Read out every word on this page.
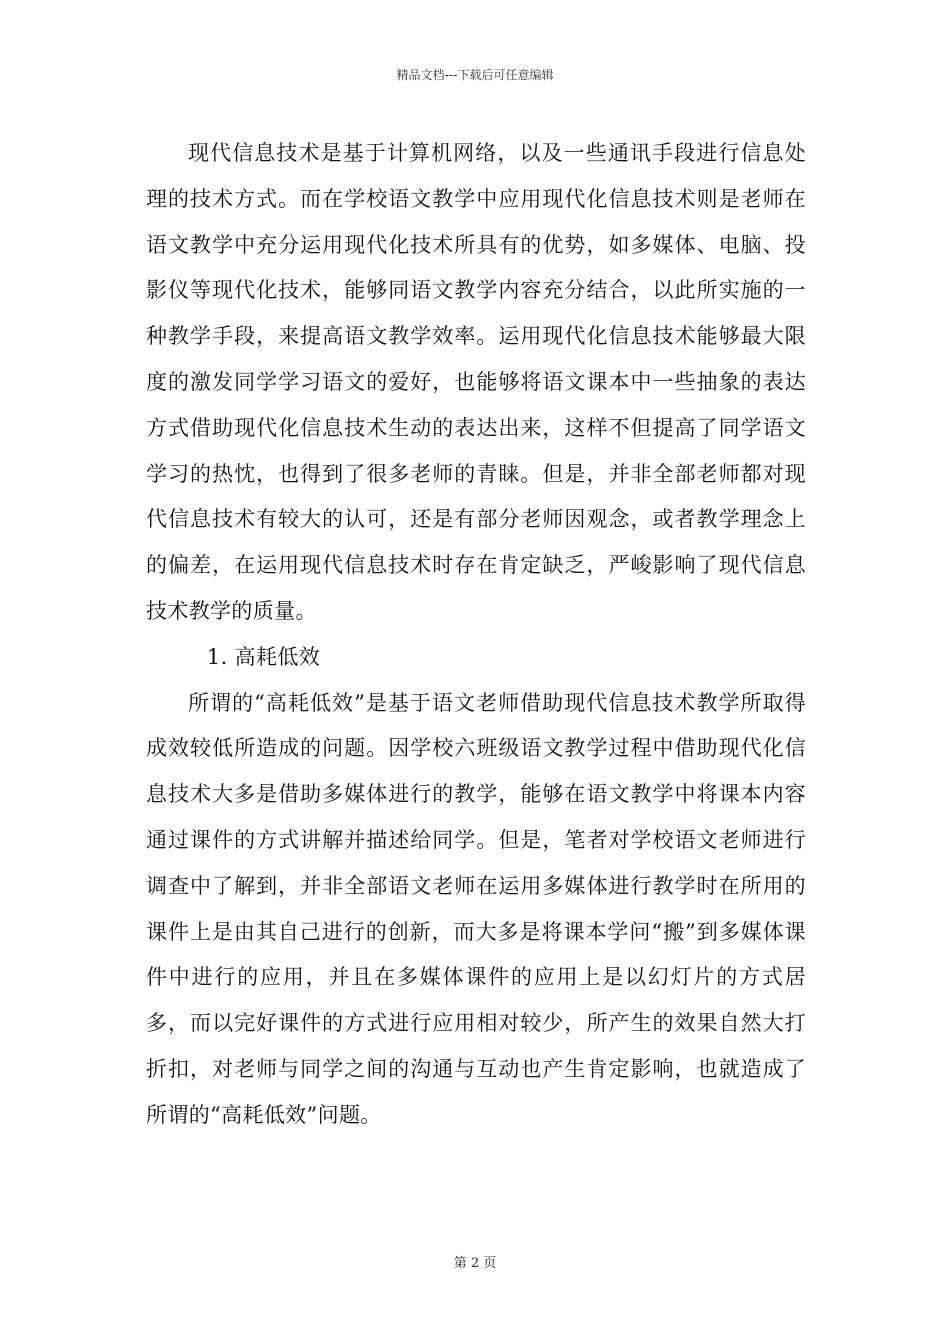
精品文档---下载后可任意编辑

现代信息技术是基于计算机网络，以及一些通讯手段进行信息处理的技术方式。而在学校语文教学中应用现代化信息技术则是老师在语文教学中充分运用现代化技术所具有的优势，如多媒体、电脑、投影仪等现代化技术，能够同语文教学内容充分结合，以此所实施的一种教学手段，来提高语文教学效率。运用现代化信息技术能够最大限度的激发同学学习语文的爱好，也能够将语文课本中一些抽象的表达方式借助现代化信息技术生动的表达出来，这样不但提高了同学语文学习的热忱，也得到了很多老师的青睐。但是，并非全部老师都对现代信息技术有较大的认可，还是有部分老师因观念，或者教学理念上的偏差，在运用现代信息技术时存在肯定缺乏，严峻影响了现代信息技术教学的质量。

1. 高耗低效

所谓的“高耗低效”是基于语文老师借助现代信息技术教学所取得成效较低所造成的问题。因学校六班级语文教学过程中借助现代化信息技术大多是借助多媒体进行的教学，能够在语文教学中将课本内容通过课件的方式讲解并描述给同学。但是，笔者对学校语文老师进行调查中了解到，并非全部语文老师在运用多媒体进行教学时在所用的课件上是由其自己进行的创新，而大多是将课本学问“搬”到多媒体课件中进行的应用，并且在多媒体课件的应用上是以幻灯片的方式居多，而以完好课件的方式进行应用相对较少，所产生的效果自然大打折扣，对老师与同学之间的沟通与互动也产生肯定影响，也就造成了所谓的“高耗低效”问题。

第 2 页
